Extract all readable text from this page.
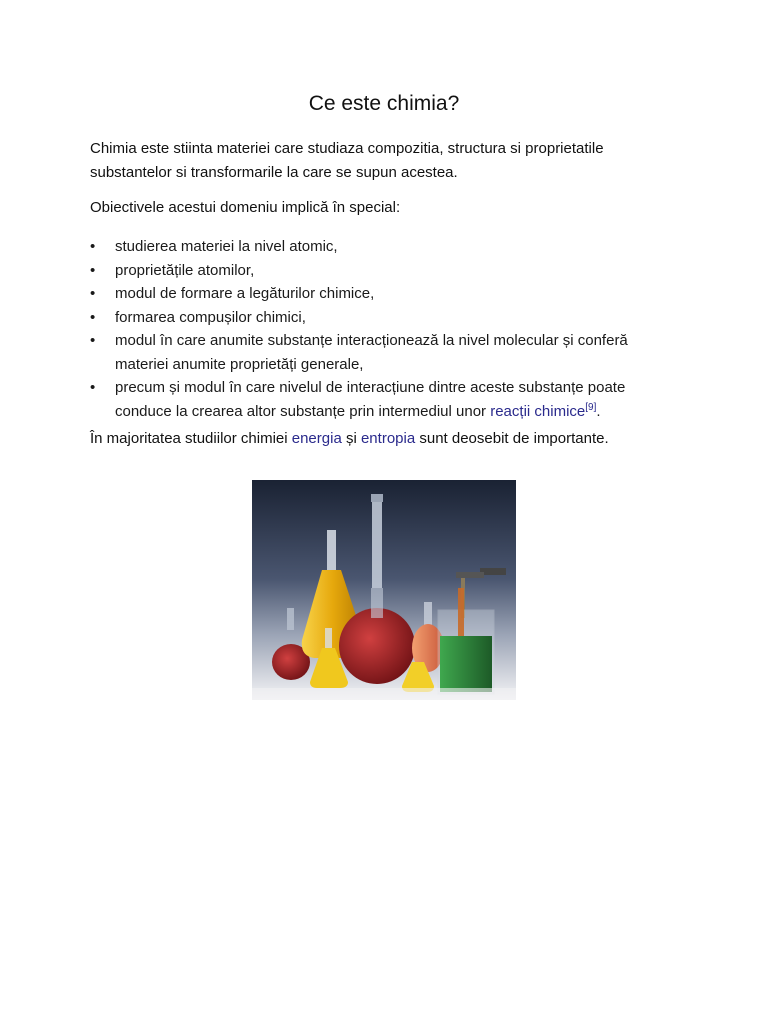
Ce este chimia?
Chimia este stiinta materiei care studiaza compozitia, structura si proprietatile substantelor si transformarile la care se supun acestea.
Obiectivele acestui domeniu implică în special:
•	studierea materiei la nivel atomic,
•	proprietățile atomilor,
•	modul de formare a legăturilor chimice,
•	formarea compușilor chimici,
•	modul în care anumite substanțe interacționează la nivel molecular și conferă materiei anumite proprietăți generale,
•	precum și modul în care nivelul de interacțiune dintre aceste substanțe poate conduce la crearea altor substanțe prin intermediul unor reacții chimice[9].
În majoritatea studiilor chimiei energia și entropia sunt deosebit de importante.
